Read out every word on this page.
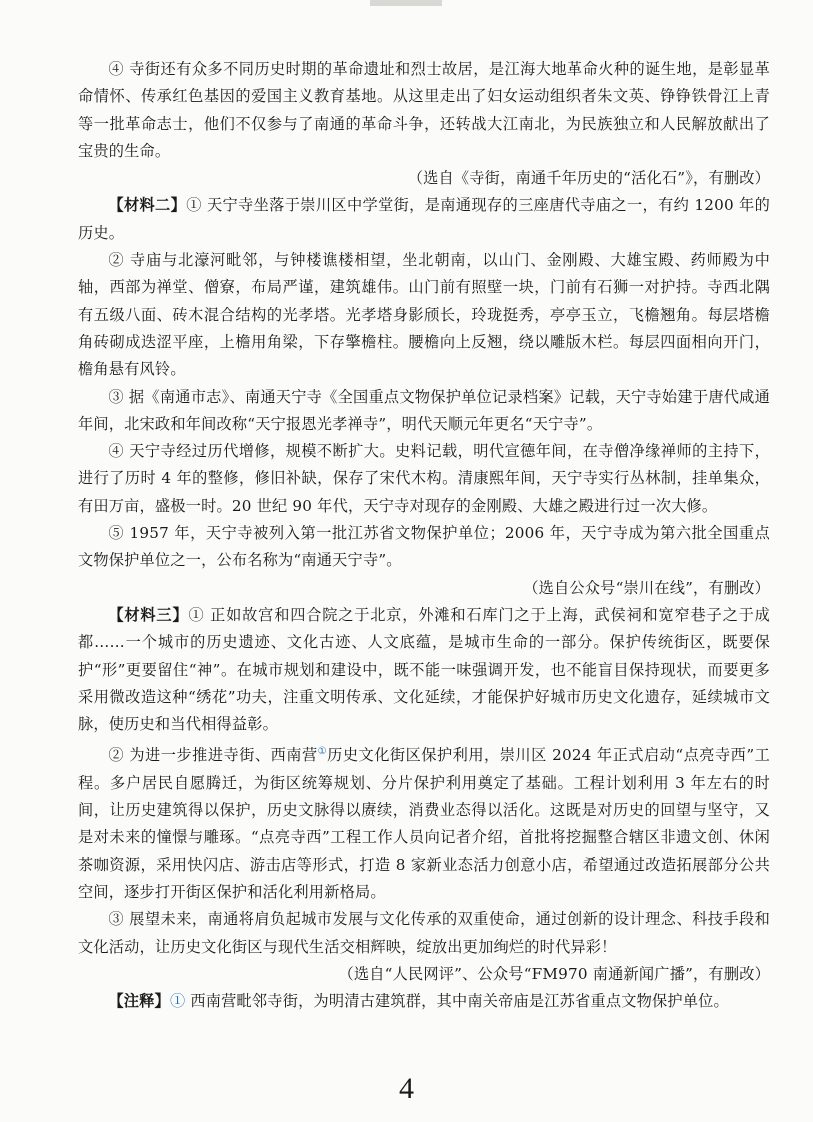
④ 寺街还有众多不同历史时期的革命遗址和烈士故居，是江海大地革命火种的诞生地，是彰显革命情怀、传承红色基因的爱国主义教育基地。从这里走出了妇女运动组织者朱文英、铮铮铁骨江上青等一批革命志士，他们不仅参与了南通的革命斗争，还转战大江南北，为民族独立和人民解放献出了宝贵的生命。

（选自《寺街，南通千年历史的“活化石”》，有删改）

【材料二】① 天宁寺坐落于崇川区中学堂街，是南通现存的三座唐代寺庙之一，有约 1200 年的历史。

② 寺庙与北濠河毗邻，与钟楼谯楼相望，坐北朝南，以山门、金刚殿、大雄宝殿、药师殿为中轴，西部为禅堂、僧寮，布局严谨，建筑雄伟。山门前有照壁一块，门前有石狮一对护持。寺西北隅有五级八面、砖木混合结构的光孝塔。光孝塔身影颀长，玲珑挺秀，亭亭玉立，飞檐翘角。每层塔檐角砖砌成迭涩平座，上檐用角梁，下存擎檐柱。腰檐向上反翘，绕以雕版木栏。每层四面相向开门，檐角悬有风铃。

③ 据《南通市志》、南通天宁寺《全国重点文物保护单位记录档案》记载，天宁寺始建于唐代咸通年间，北宋政和年间改称“天宁报恩光孝禅寺”，明代天顺元年更名“天宁寺”。

④ 天宁寺经过历代增修，规模不断扩大。史料记载，明代宣德年间，在寺僧净缘禅师的主持下，进行了历时 4 年的整修，修旧补缺，保存了宋代木构。清康熙年间，天宁寺实行丛林制，挂单集众，有田万亩，盛极一时。20 世纪 90 年代，天宁寺对现存的金刚殿、大雄之殿进行过一次大修。

⑤ 1957 年，天宁寺被列入第一批江苏省文物保护单位；2006 年，天宁寺成为第六批全国重点文物保护单位之一，公布名称为“南通天宁寺”。

（选自公众号“崇川在线”，有删改）

【材料三】① 正如故宫和四合院之于北京，外滩和石库门之于上海，武侯祠和宽窄巷子之于成都……一个城市的历史遗迹、文化古迹、人文底蕴，是城市生命的一部分。保护传统街区，既要保护“形”更要留住“神”。在城市规划和建设中，既不能一味强调开发，也不能盲目保持现状，而要更多采用微改造这种“绣花”功夫，注重文明传承、文化延续，才能保护好城市历史文化遗存，延续城市文脉，使历史和当代相得益彰。

② 为进一步推进寺街、西南营①历史文化街区保护利用，崇川区 2024 年正式启动“点亮寺西”工程。多户居民自愿腾迁，为街区统筹规划、分片保护利用奠定了基础。工程计划利用 3 年左右的时间，让历史建筑得以保护，历史文脉得以赓续，消费业态得以活化。这既是对历史的回望与坚守，又是对未来的憧憬与雕琢。“点亮寺西”工程工作人员向记者介绍，首批将挖掘整合辖区非遗文创、休闲茶咖资源，采用快闪店、游击店等形式，打造 8 家新业态活力创意小店，希望通过改造拓展部分公共空间，逐步打开街区保护和活化利用新格局。

③ 展望未来，南通将肩负起城市发展与文化传承的双重使命，通过创新的设计理念、科技手段和文化活动，让历史文化街区与现代生活交相辉映，绽放出更加绚烂的时代异彩！

（选自“人民网评”、公众号“FM970 南通新闻广播”，有删改）

【注释】① 西南营毗邻寺街，为明清古建筑群，其中南关帝庙是江苏省重点文物保护单位。

4
